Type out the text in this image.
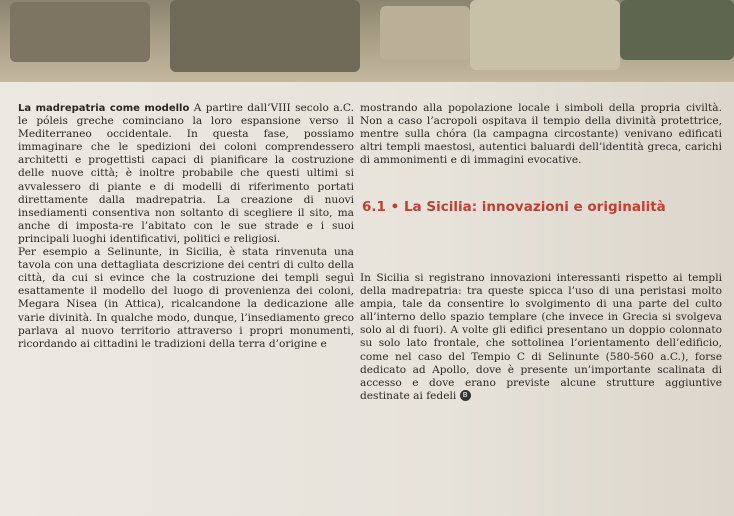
La madrepatria come modello A partire dall’VIII secolo a.C. le póleis greche cominciano la loro espansione verso il Mediterraneo occidentale. In questa fase, possiamo immaginare che le spedizioni dei coloni comprendessero architetti e progettisti capaci di pianificare la costruzione delle nuove città; è inoltre probabile che questi ultimi si avvalessero di piante e di modelli di riferimento portati direttamente dalla madrepatria. La creazione di nuovi insediamenti consentiva non soltanto di scegliere il sito, ma anche di imposta-re l’abitato con le sue strade e i suoi principali luoghi identificativi, politici e religiosi.

Per esempio a Selinunte, in Sicilia, è stata rinvenuta una tavola con una dettagliata descrizione dei centri di culto della città, da cui si evince che la costruzione dei templi seguì esattamente il modello del luogo di provenienza dei coloni, Megara Nisea (in Attica), ricalcandone la dedicazione alle varie divinità. In qualche modo, dunque, l’insediamento greco parlava al nuovo territorio attraverso i propri monumenti, ricordando ai cittadini le tradizioni della terra d’origine e

mostrando alla popolazione locale i simboli della propria civiltà. Non a caso l’acropoli ospitava il tempio della divinità protettrice, mentre sulla chóra (la campagna circostante) venivano edificati altri templi maestosi, autentici baluardi dell’identità greca, carichi di ammonimenti e di immagini evocative.

6.1 • La Sicilia: innovazioni e originalità

In Sicilia si registrano innovazioni interessanti rispetto ai templi della madrepatria: tra queste spicca l’uso di una peristasi molto ampia, tale da consentire lo svolgimento di una parte del culto all’interno dello spazio templare (che invece in Grecia si svolgeva solo al di fuori). A volte gli edifici presentano un doppio colonnato su solo lato frontale, che sottolinea l’orientamento dell’edificio, come nel caso del Tempio C di Selinunte (580-560 a.C.), forse dedicato ad Apollo, dove è presente un’importante scalinata di accesso e dove erano previste alcune strutture aggiuntive destinate ai fedeli B
